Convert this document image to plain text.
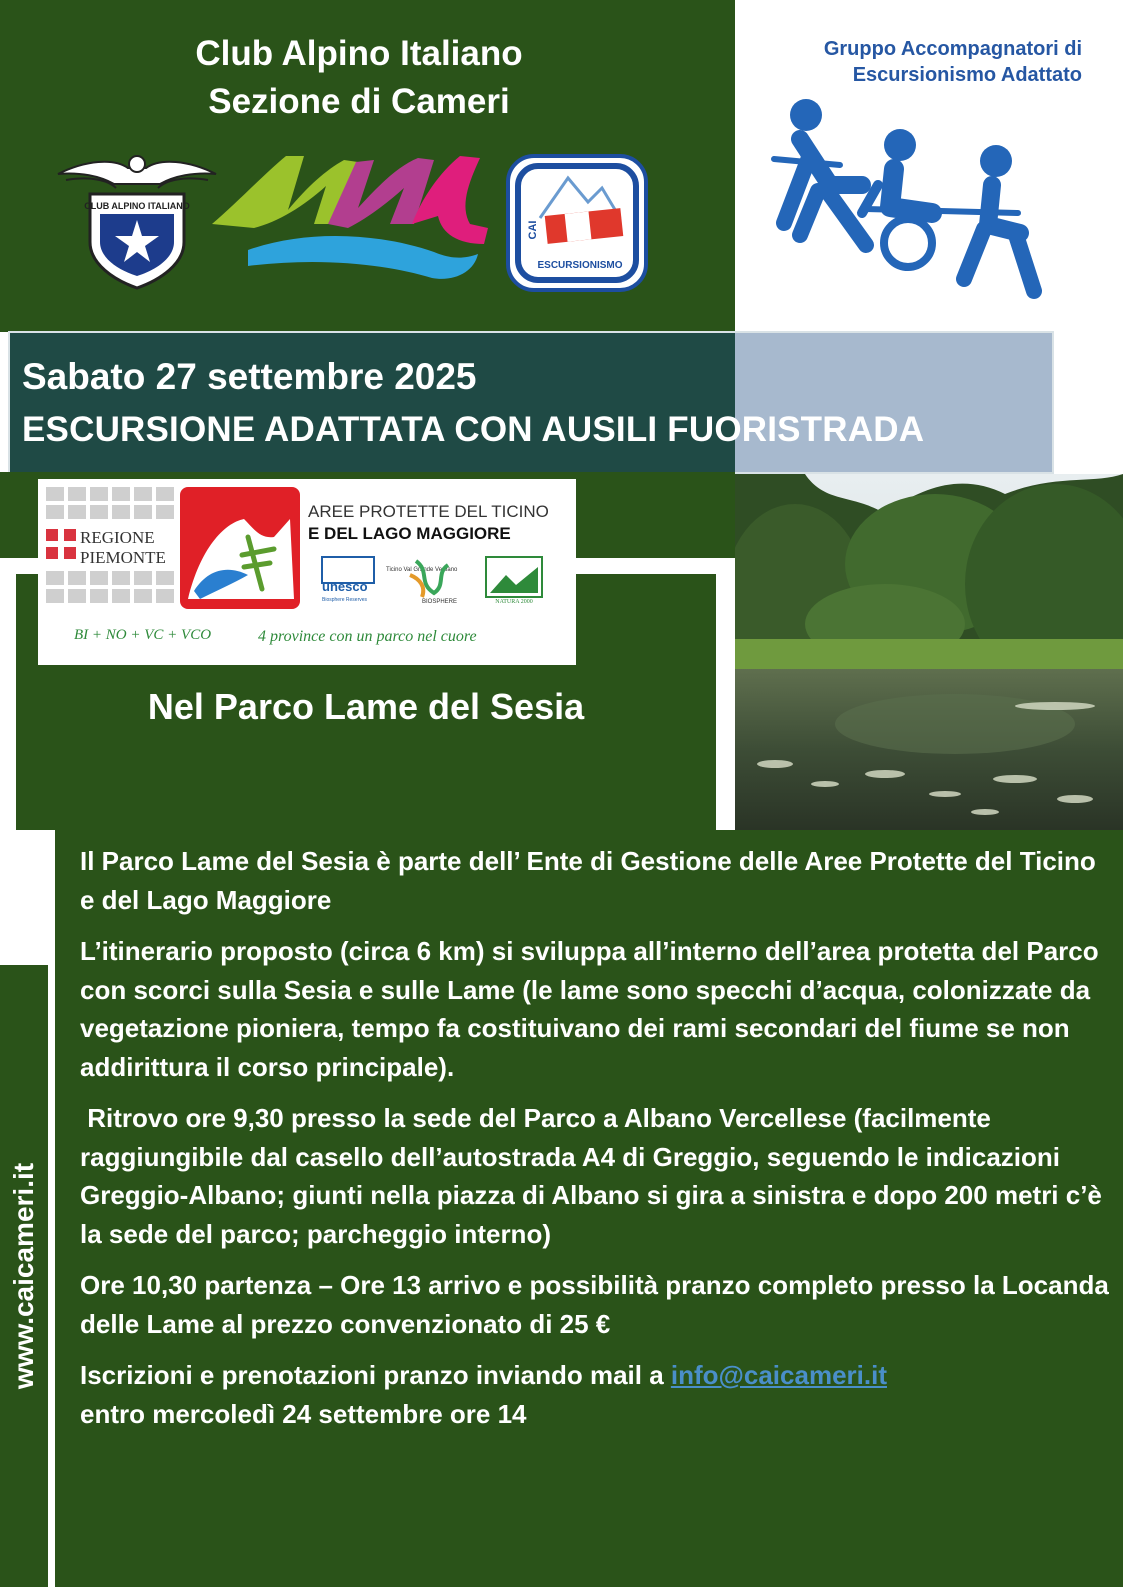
Club Alpino Italiano
Sezione di Cameri
CLUB ALPINO ITALIANO
CAI
ESCURSIONISMO
Gruppo Accompagnatori di
Escursionismo Adattato
Sabato 27 settembre 2025
ESCURSIONE ADATTATA CON AUSILI FUORISTRADA
REGIONE
PIEMONTE
AREE PROTETTE DEL TICINO
E DEL LAGO MAGGIORE
unesco
Biosphere Reserves
Ticino Val Grande Verbano
BIOSPHERE	NATURA 2000
BI + NO + VC + VCO	4 province con un parco nel cuore
Nel Parco Lame del Sesia
www.caicameri.it

Il Parco Lame del Sesia è parte dell’ Ente di Gestione delle Aree Protette del Ticino e del Lago Maggiore

L’itinerario proposto (circa 6 km) si sviluppa all’interno dell’area protetta del Parco con scorci sulla Sesia e sulle Lame (le lame sono specchi d’acqua, colonizzate da vegetazione pioniera, tempo fa costituivano dei rami secondari del fiume se non addirittura il corso principale).

Ritrovo ore 9,30 presso la sede del Parco a Albano Vercellese (facilmente raggiungibile dal casello dell’autostrada A4 di Greggio, seguendo le indicazioni Greggio-Albano; giunti nella piazza di Albano si gira a sinistra e dopo 200 metri c’è la sede del parco; parcheggio interno)

Ore 10,30 partenza – Ore 13 arrivo e possibilità pranzo completo presso la Locanda delle Lame al prezzo convenzionato di 25 €

Iscrizioni e prenotazioni pranzo inviando mail a info@caicameri.it
entro mercoledì 24 settembre ore 14
